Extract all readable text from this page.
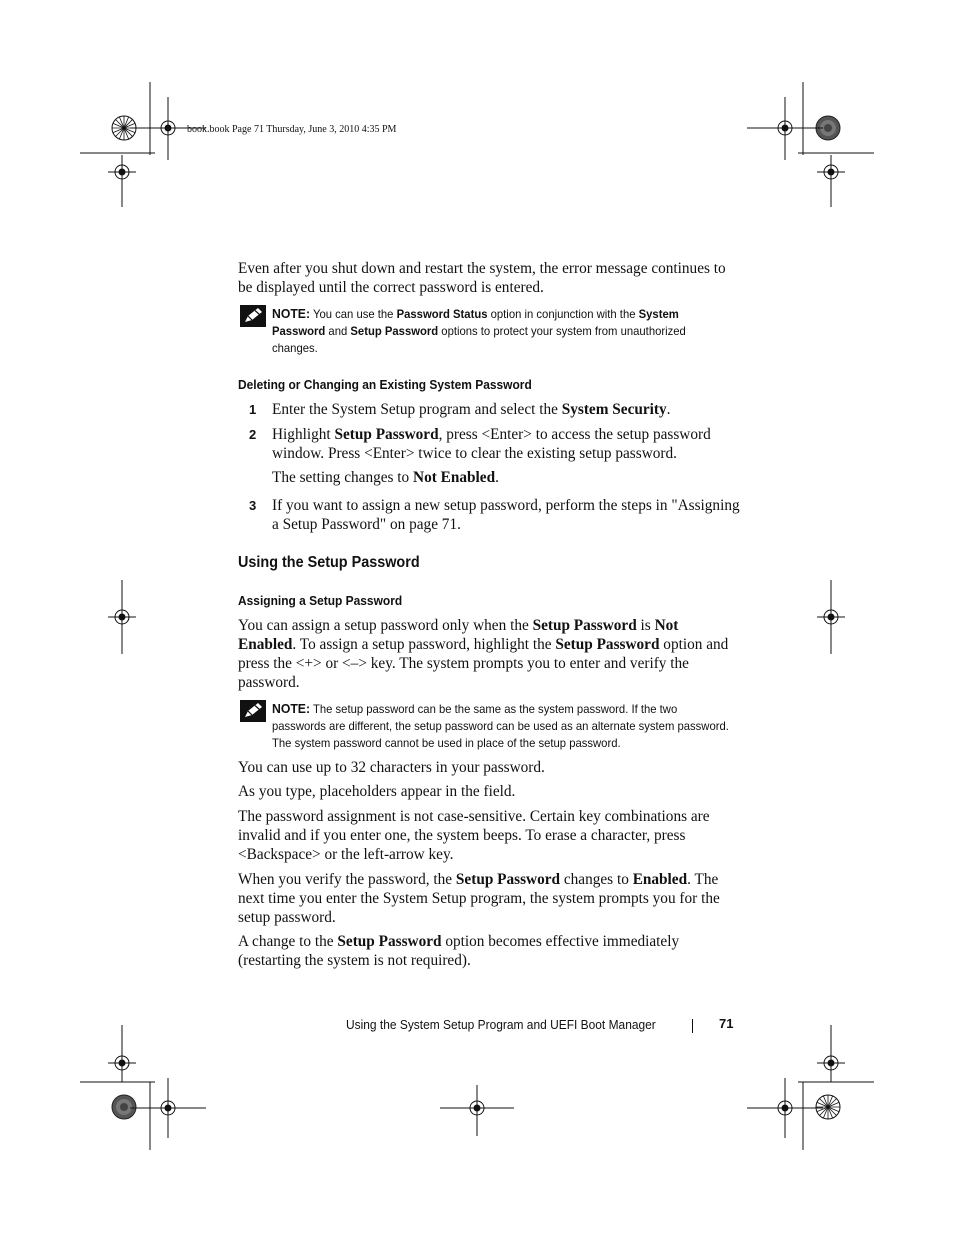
book.book Page 71 Thursday, June 3, 2010 4:35 PM

Even after you shut down and restart the system, the error message continues to be displayed until the correct password is entered.

NOTE: You can use the Password Status option in conjunction with the System Password and Setup Password options to protect your system from unauthorized changes.

Deleting or Changing an Existing System Password

1 Enter the System Setup program and select the System Security.

2 Highlight Setup Password, press <Enter> to access the setup password window. Press <Enter> twice to clear the existing setup password.

The setting changes to Not Enabled.

3 If you want to assign a new setup password, perform the steps in "Assigning a Setup Password" on page 71.

Using the Setup Password

Assigning a Setup Password

You can assign a setup password only when the Setup Password is Not Enabled. To assign a setup password, highlight the Setup Password option and press the <+> or <–> key. The system prompts you to enter and verify the password.

NOTE: The setup password can be the same as the system password. If the two passwords are different, the setup password can be used as an alternate system password. The system password cannot be used in place of the setup password.

You can use up to 32 characters in your password.

As you type, placeholders appear in the field.

The password assignment is not case-sensitive. Certain key combinations are invalid and if you enter one, the system beeps. To erase a character, press <Backspace> or the left-arrow key.

When you verify the password, the Setup Password changes to Enabled. The next time you enter the System Setup program, the system prompts you for the setup password.

A change to the Setup Password option becomes effective immediately (restarting the system is not required).

Using the System Setup Program and UEFI Boot Manager	71
